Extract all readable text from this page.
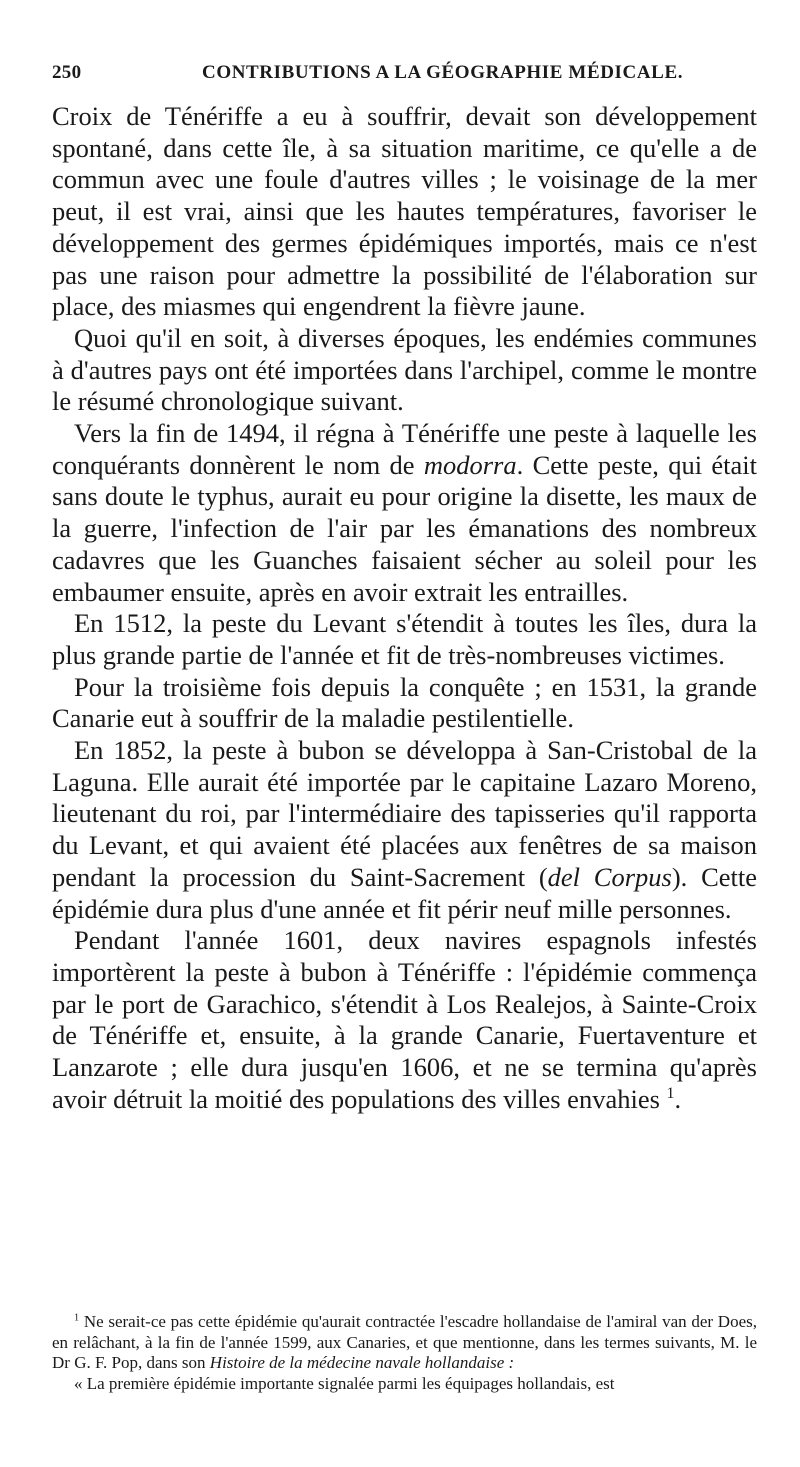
250	CONTRIBUTIONS A LA GÉOGRAPHIE MÉDICALE.

Croix de Ténériffe a eu à souffrir, devait son développement spontané, dans cette île, à sa situation maritime, ce qu'elle a de commun avec une foule d'autres villes ; le voisinage de la mer peut, il est vrai, ainsi que les hautes températures, favoriser le développement des germes épidémiques importés, mais ce n'est pas une raison pour admettre la possibilité de l'élaboration sur place, des miasmes qui engendrent la fièvre jaune.

Quoi qu'il en soit, à diverses époques, les endémies communes à d'autres pays ont été importées dans l'archipel, comme le montre le résumé chronologique suivant.

Vers la fin de 1494, il régna à Ténériffe une peste à laquelle les conquérants donnèrent le nom de modorra. Cette peste, qui était sans doute le typhus, aurait eu pour origine la disette, les maux de la guerre, l'infection de l'air par les émanations des nombreux cadavres que les Guanches faisaient sécher au soleil pour les embaumer ensuite, après en avoir extrait les entrailles.

En 1512, la peste du Levant s'étendit à toutes les îles, dura la plus grande partie de l'année et fit de très-nombreuses victimes.

Pour la troisième fois depuis la conquête ; en 1531, la grande Canarie eut à souffrir de la maladie pestilentielle.

En 1852, la peste à bubon se développa à San-Cristobal de la Laguna. Elle aurait été importée par le capitaine Lazaro Moreno, lieutenant du roi, par l'intermédiaire des tapisseries qu'il rapporta du Levant, et qui avaient été placées aux fenêtres de sa maison pendant la procession du Saint-Sacrement (del Corpus). Cette épidémie dura plus d'une année et fit périr neuf mille personnes.

Pendant l'année 1601, deux navires espagnols infestés importèrent la peste à bubon à Ténériffe : l'épidémie commença par le port de Garachico, s'étendit à Los Realejos, à Sainte-Croix de Ténériffe et, ensuite, à la grande Canarie, Fuertaventure et Lanzarote ; elle dura jusqu'en 1606, et ne se termina qu'après avoir détruit la moitié des populations des villes envahies $^1$.

$^1$ Ne serait-ce pas cette épidémie qu'aurait contractée l'escadre hollandaise de l'amiral van der Does, en relâchant, à la fin de l'année 1599, aux Canaries, et que mentionne, dans les termes suivants, M. le Dr G. F. Pop, dans son Histoire de la médecine navale hollandaise :

« La première épidémie importante signalée parmi les équipages hollandais, est
